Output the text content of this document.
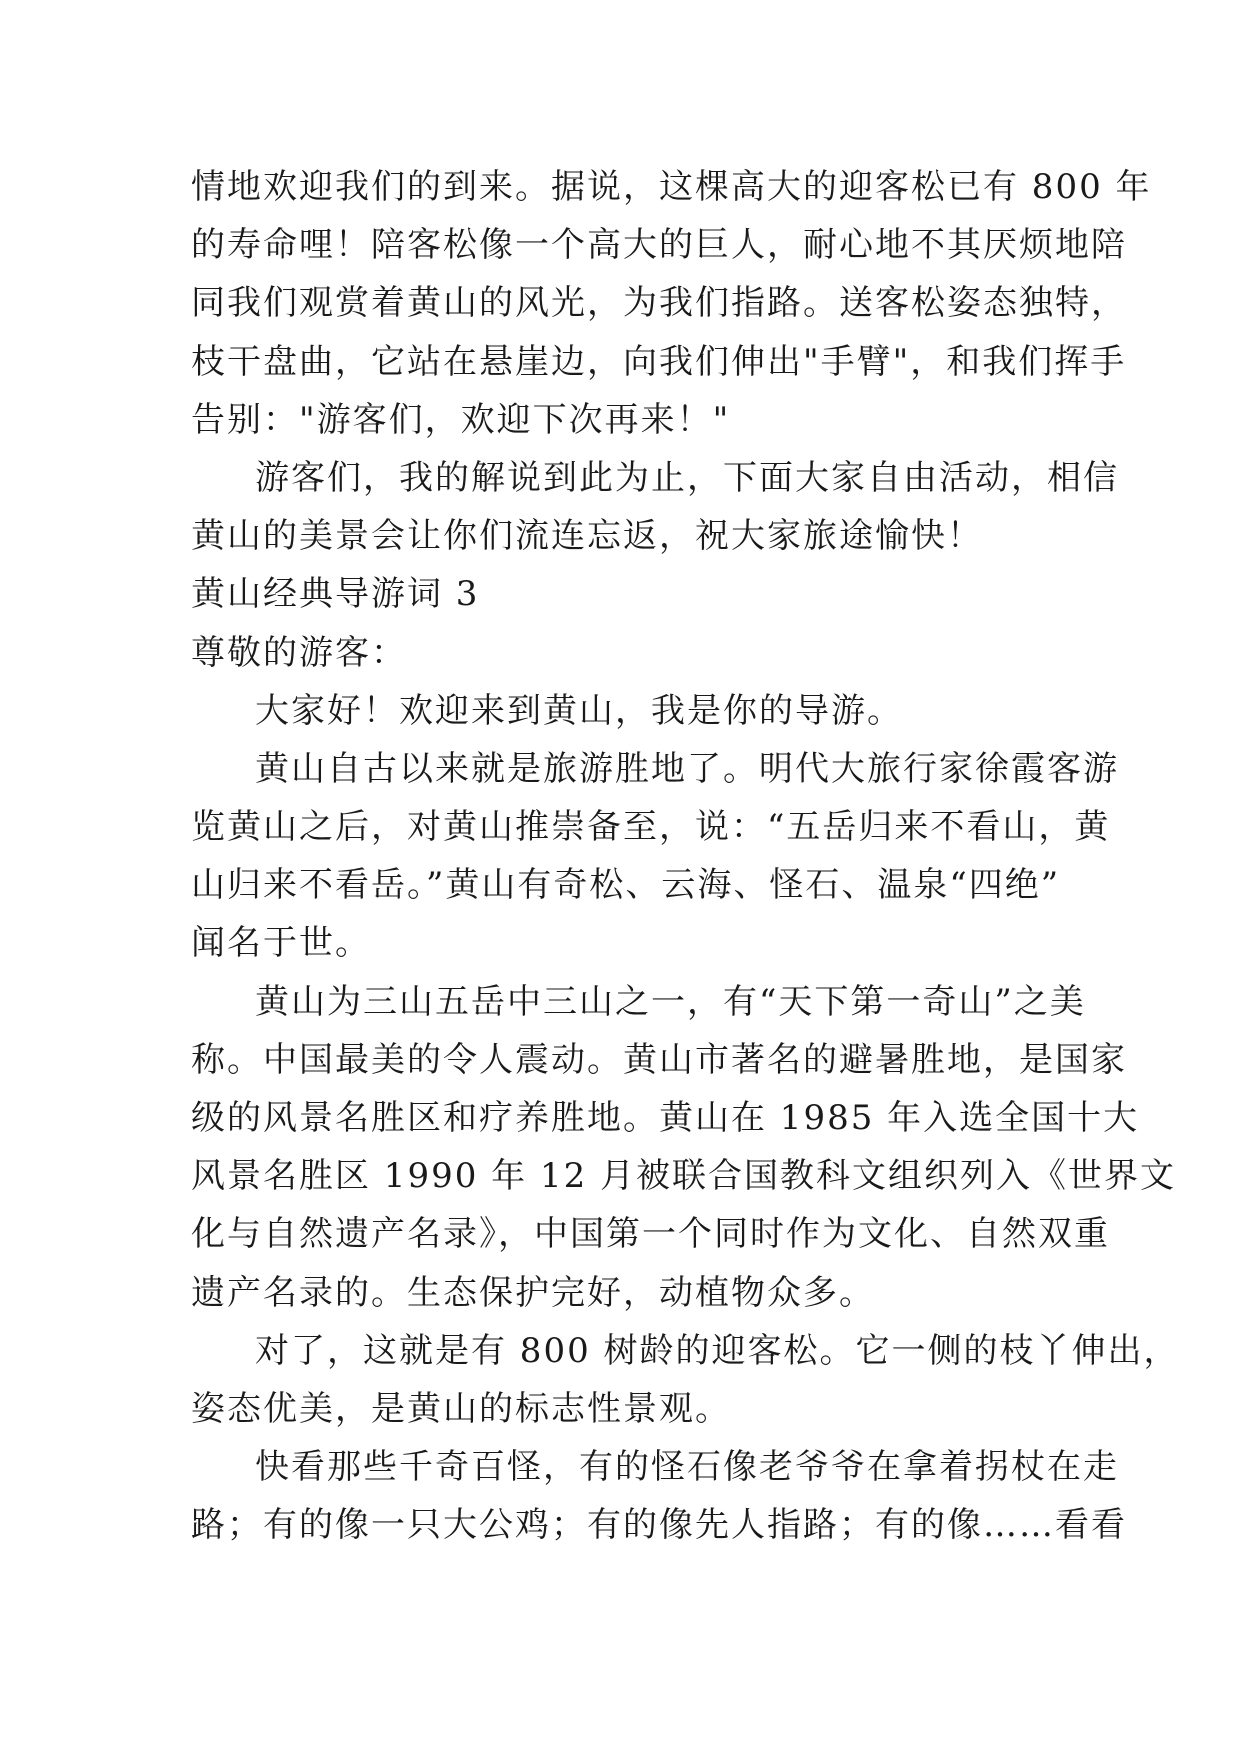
情地欢迎我们的到来。据说，这棵高大的迎客松已有 800 年

的寿命哩！陪客松像一个高大的巨人，耐心地不其厌烦地陪

同我们观赏着黄山的风光，为我们指路。送客松姿态独特，

枝干盘曲，它站在悬崖边，向我们伸出"手臂"，和我们挥手

告别："游客们，欢迎下次再来！"

游客们，我的解说到此为止，下面大家自由活动，相信

黄山的美景会让你们流连忘返，祝大家旅途愉快！

黄山经典导游词 3

尊敬的游客：

大家好！欢迎来到黄山，我是你的导游。

黄山自古以来就是旅游胜地了。明代大旅行家徐霞客游

览黄山之后，对黄山推崇备至，说：“五岳归来不看山，黄

山归来不看岳。”黄山有奇松、云海、怪石、温泉“四绝”

闻名于世。

黄山为三山五岳中三山之一，有“天下第一奇山”之美

称。中国最美的令人震动。黄山市著名的避暑胜地，是国家

级的风景名胜区和疗养胜地。黄山在 1985 年入选全国十大

风景名胜区 1990 年 12 月被联合国教科文组织列入《世界文

化与自然遗产名录》，中国第一个同时作为文化、自然双重

遗产名录的。生态保护完好，动植物众多。

对了，这就是有 800 树龄的迎客松。它一侧的枝丫伸出，

姿态优美，是黄山的标志性景观。

快看那些千奇百怪，有的怪石像老爷爷在拿着拐杖在走

路；有的像一只大公鸡；有的像先人指路；有的像……看看
